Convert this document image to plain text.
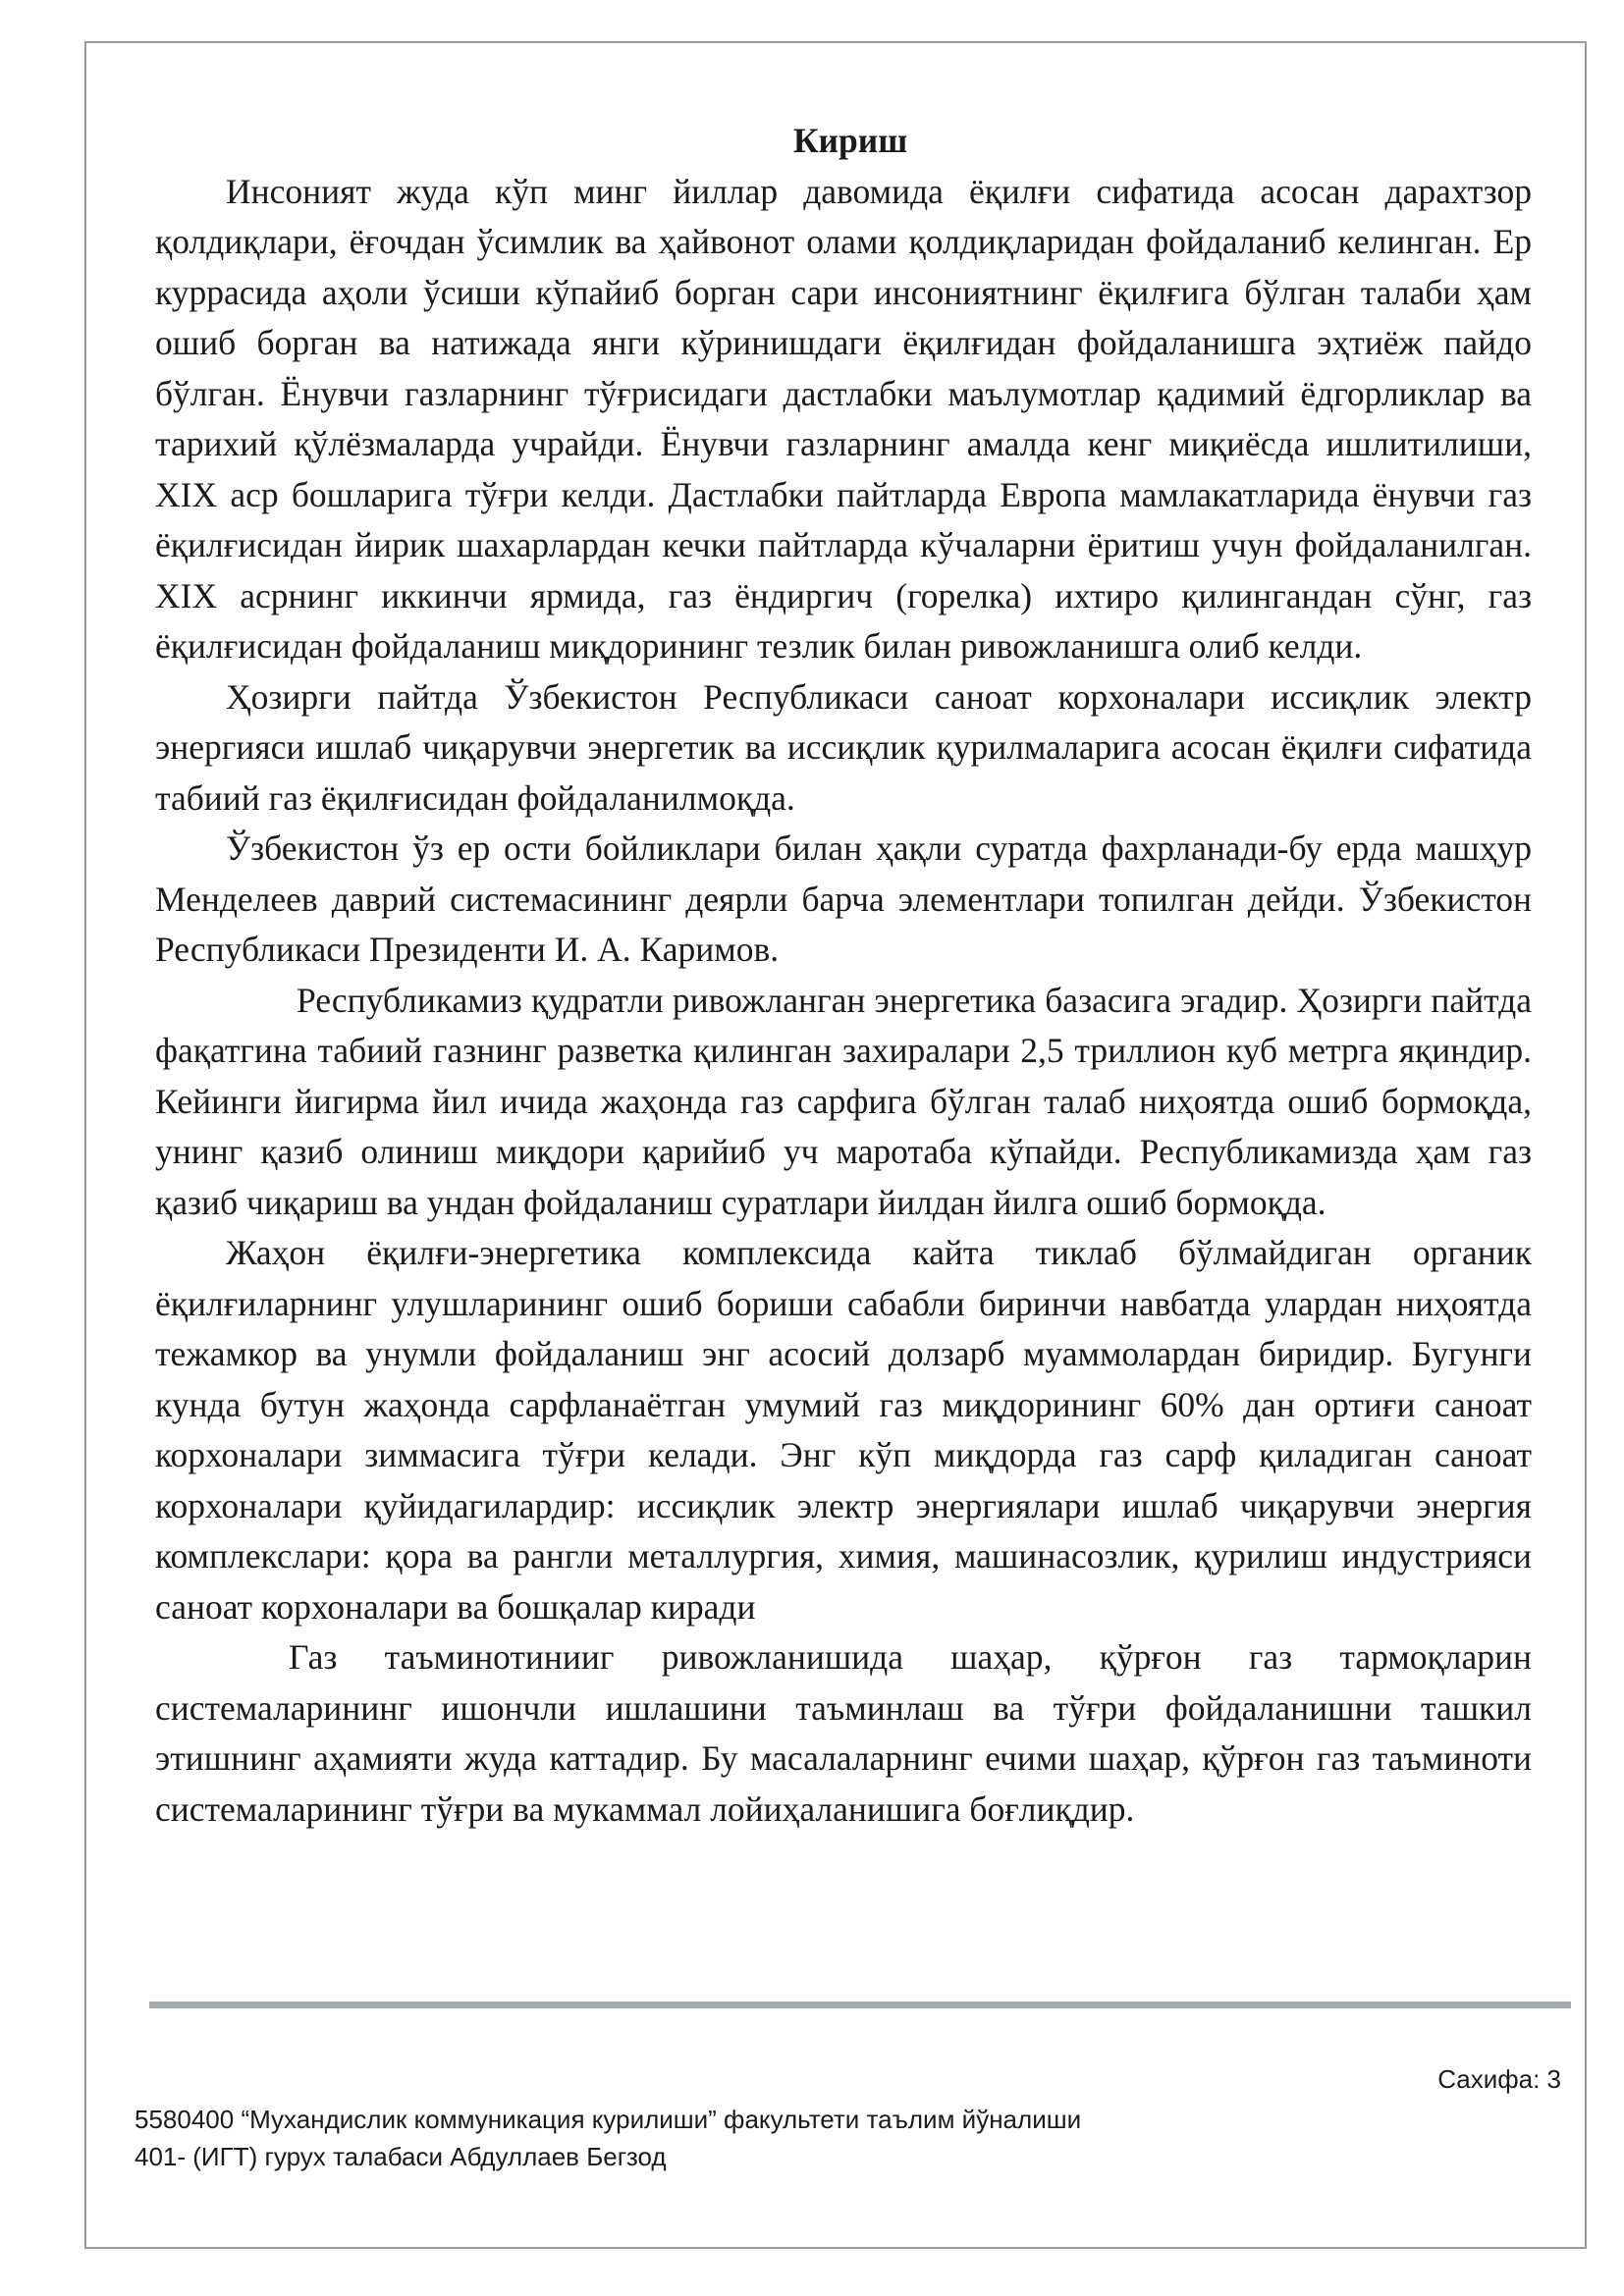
Кириш

Инсоният жуда кўп минг йиллар давомида ёқилғи сифатида асосан дарахтзор қолдиқлари, ёғочдан ўсимлик ва ҳайвонот олами қолдиқларидан фойдаланиб келинган. Ер куррасида аҳоли ўсиши кўпайиб борган сари инсониятнинг ёқилғига бўлган талаби ҳам ошиб борган ва натижада янги кўринишдаги ёқилғидан фойдаланишга эҳтиёж пайдо бўлган. Ёнувчи газларнинг тўғрисидаги дастлабки маълумотлар қадимий ёдгорликлар ва тарихий қўлёзмаларда учрайди. Ёнувчи газларнинг амалда кенг миқиёсда ишлитилиши, XIX аср бошларига тўғри келди. Дастлабки пайтларда Европа мамлакатларида ёнувчи газ ёқилғисидан йирик шахарлардан кечки пайтларда кўчаларни ёритиш учун фойдаланилган. XIX асрнинг иккинчи ярмида, газ ёндиргич (горелка) ихтиро қилингандан сўнг, газ ёқилғисидан фойдаланиш миқдорининг тезлик билан ривожланишга олиб келди.

Ҳозирги пайтда Ўзбекистон Республикаси саноат корхоналари иссиқлик электр энергияси ишлаб чиқарувчи энергетик ва иссиқлик қурилмаларига асосан ёқилғи сифатида табиий газ ёқилғисидан фойдаланилмоқда.

Ўзбекистон ўз ер ости бойликлари билан ҳақли суратда фахрланади-бу ерда машҳур Менделеев даврий системасининг деярли барча элементлари топилган дейди. Ўзбекистон Республикаси Президенти И. А. Каримов.

Республикамиз қудратли ривожланган энергетика базасига эгадир. Ҳозирги пайтда фақатгина табиий газнинг разветка қилинган захиралари 2,5 триллион куб метрга яқиндир. Кейинги йигирма йил ичида жаҳонда газ сарфига бўлган талаб ниҳоятда ошиб бормоқда, унинг қазиб олиниш миқдори қарийиб уч маротаба кўпайди. Республикамизда ҳам газ қазиб чиқариш ва ундан фойдаланиш суратлари йилдан йилга ошиб бормоқда.

Жаҳон ёқилғи-энергетика комплексида кайта тиклаб бўлмайдиган органик ёқилғиларнинг улушларининг ошиб бориши сабабли биринчи навбатда улардан ниҳоятда тежамкор ва унумли фойдаланиш энг асосий долзарб муаммолардан биридир. Бугунги кунда бутун жаҳонда сарфланаётган умумий газ миқдорининг 60% дан ортиғи саноат корхоналари зиммасига тўғри келади. Энг кўп миқдорда газ сарф қиладиган саноат корхоналари қуйидагилардир: иссиқлик электр энергиялари ишлаб чиқарувчи энергия комплекслари: қора ва рангли металлургия, химия, машинасозлик, қурилиш индустрияси саноат корхоналари ва бошқалар киради

Газ таъминотинииг ривожланишида шаҳар, қўрғон газ тармоқларин системаларининг ишончли ишлашини таъминлаш ва тўғри фойдаланишни ташкил этишнинг аҳамияти жуда каттадир. Бу масалаларнинг ечими шаҳар, қўрғон газ таъминоти системаларининг тўғри ва мукаммал лойиҳаланишига боғлиқдир.

Сахифа: 3

5580400 “Мухандислик коммуникация курилиши” факультети таълим йўналиши

401- (ИГТ) гурух талабаси Абдуллаев Бегзод
